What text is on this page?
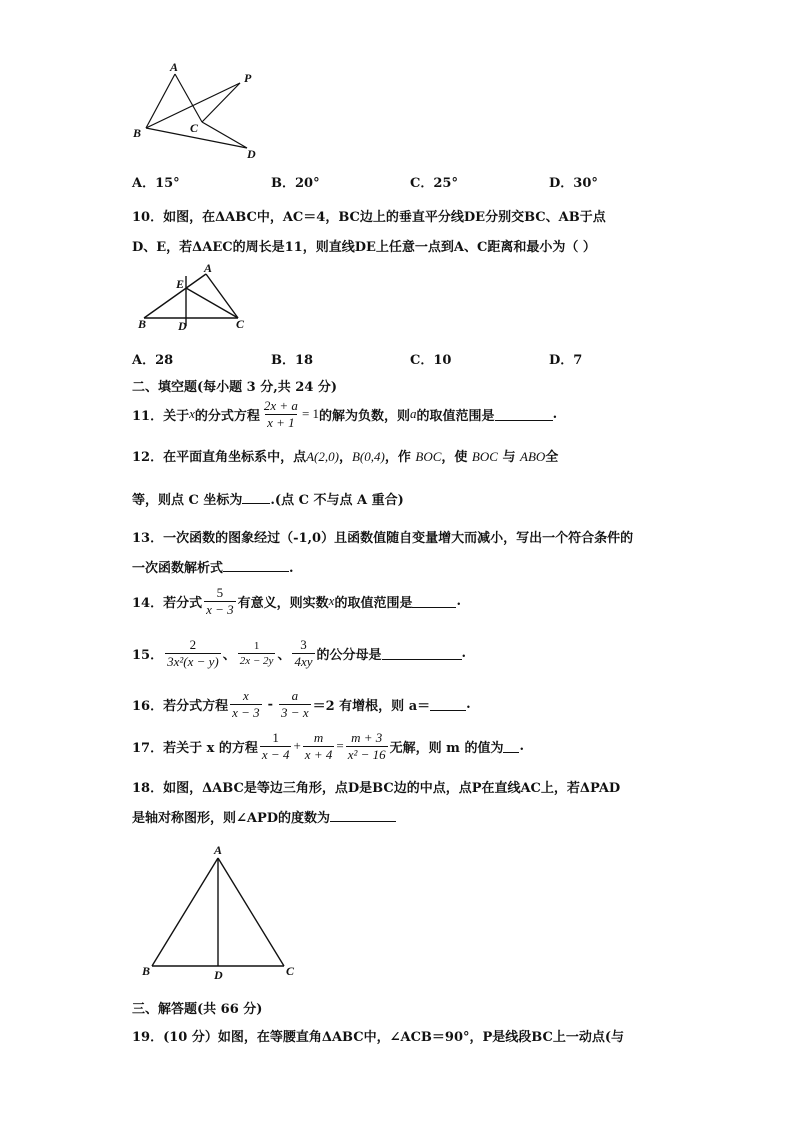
A
P
B	C
D
A．15°	B．20°	C．25°	D．30°
10．如图，在ΔABC中，AC＝4，BC边上的垂直平分线DE分别交BC、AB于点
D、E，若ΔAEC的周长是11，则直线DE上任意一点到A、C距离和最小为（ ）
A
E
B	D	C
A．28	B．18	C．10	D．7
二、填空题(每小题 3 分,共 24 分)
11．关于 x 的分式方程 $\frac{2x + a}{x + 1} = 1$ 的解为负数，则 a 的取值范围是	.
12．在平面直角坐标系中，点A(2,0)，B(0,4)，作 BOC，使 BOC 与 ABO全
等，则点 C 坐标为 .(点 C 不与点 A 重合)
13．一次函数的图象经过（-1,0）且函数值随自变量增大而减小，写出一个符合条件的
一次函数解析式	.
14．若分式 $\frac{5}{x - 3}$ 有意义，则实数 x 的取值范围是	.
15． $\frac{2}{\text{3x²(x − y)}}$ 、 $\frac{1}{2x - 2y}$ 、 $\frac{3}{4xy}$ 的公分母是	.
16．若分式方程 $\frac{x}{x - 3} - \frac{a}{3 - x} =2$ 有增根，则 a＝	.
17．若关于 x 的方程 $\frac{1}{x - 4} + \frac{m}{x + 4} = \frac{m + 3}{\text{x² − 16}}$ 无解，则 m 的值为 .
18．如图，ΔABC是等边三角形，点D是BC边的中点，点P在直线AC上，若ΔPAD
是轴对称图形，则∠APD的度数为
A
B	D	C
三、解答题(共 66 分)
19．(10 分）如图，在等腰直角ΔABC中，∠ACB＝90°，P是线段BC上一动点(与
